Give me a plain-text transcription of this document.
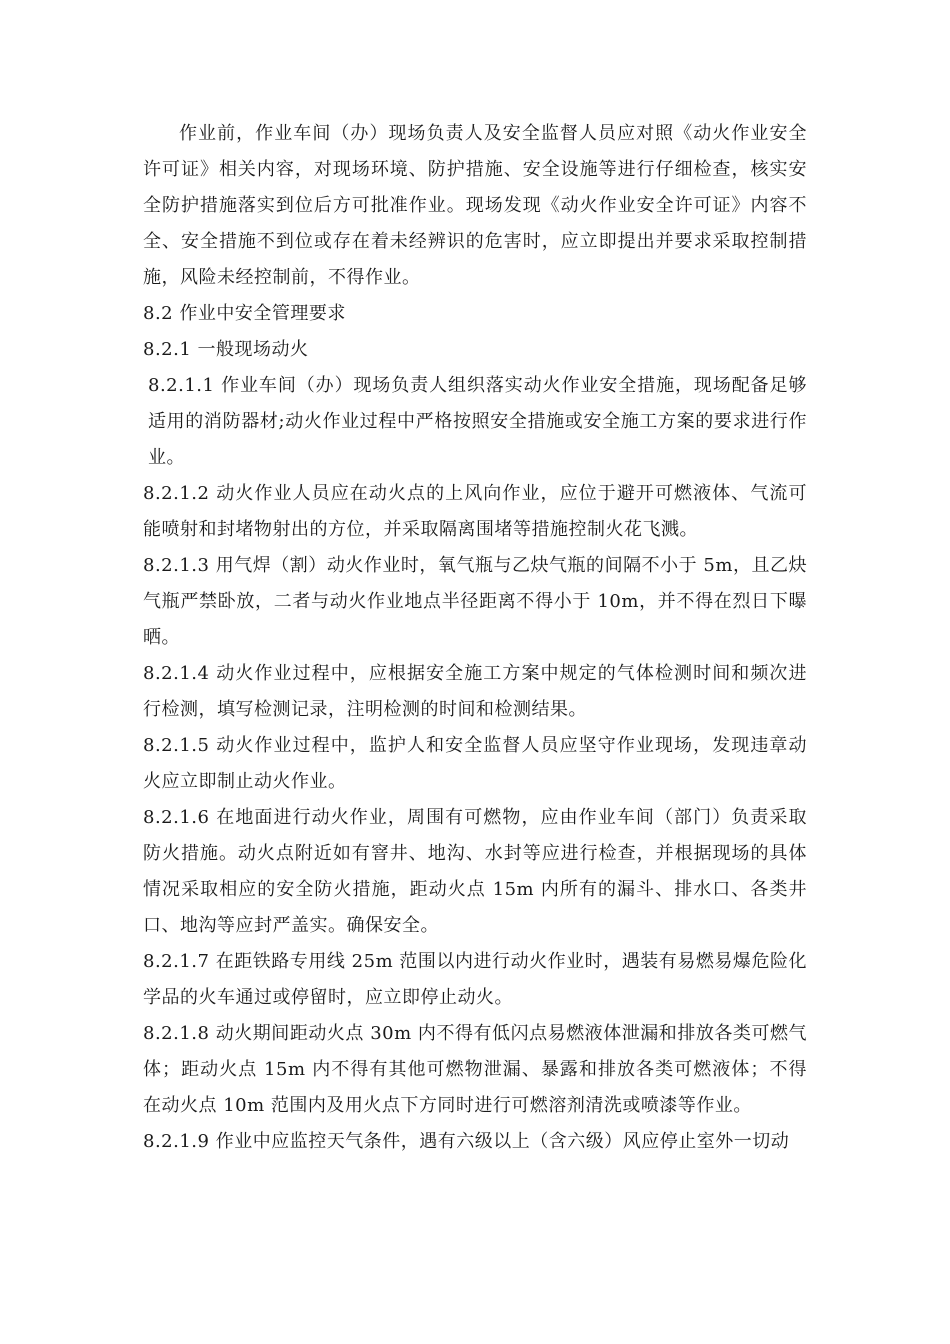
作业前，作业车间（办）现场负责人及安全监督人员应对照《动火作业安全许可证》相关内容，对现场环境、防护措施、安全设施等进行仔细检查，核实安全防护措施落实到位后方可批准作业。现场发现《动火作业安全许可证》内容不全、安全措施不到位或存在着未经辨识的危害时，应立即提出并要求采取控制措施，风险未经控制前，不得作业。

8.2 作业中安全管理要求

8.2.1 一般现场动火

8.2.1.1 作业车间（办）现场负责人组织落实动火作业安全措施，现场配备足够适用的消防器材;动火作业过程中严格按照安全措施或安全施工方案的要求进行作业。

8.2.1.2 动火作业人员应在动火点的上风向作业，应位于避开可燃液体、气流可能喷射和封堵物射出的方位，并采取隔离围堵等措施控制火花飞溅。

8.2.1.3 用气焊（割）动火作业时，氧气瓶与乙炔气瓶的间隔不小于 5m，且乙炔气瓶严禁卧放，二者与动火作业地点半径距离不得小于 10m，并不得在烈日下曝晒。

8.2.1.4 动火作业过程中，应根据安全施工方案中规定的气体检测时间和频次进行检测，填写检测记录，注明检测的时间和检测结果。

8.2.1.5 动火作业过程中，监护人和安全监督人员应坚守作业现场，发现违章动火应立即制止动火作业。

8.2.1.6 在地面进行动火作业，周围有可燃物，应由作业车间（部门）负责采取防火措施。动火点附近如有窨井、地沟、水封等应进行检查，并根据现场的具体情况采取相应的安全防火措施，距动火点 15m 内所有的漏斗、排水口、各类井口、地沟等应封严盖实。确保安全。

8.2.1.7 在距铁路专用线 25m 范围以内进行动火作业时，遇装有易燃易爆危险化学品的火车通过或停留时，应立即停止动火。

8.2.1.8 动火期间距动火点 30m 内不得有低闪点易燃液体泄漏和排放各类可燃气体；距动火点 15m 内不得有其他可燃物泄漏、暴露和排放各类可燃液体；不得在动火点 10m 范围内及用火点下方同时进行可燃溶剂清洗或喷漆等作业。

8.2.1.9 作业中应监控天气条件，遇有六级以上（含六级）风应停止室外一切动
